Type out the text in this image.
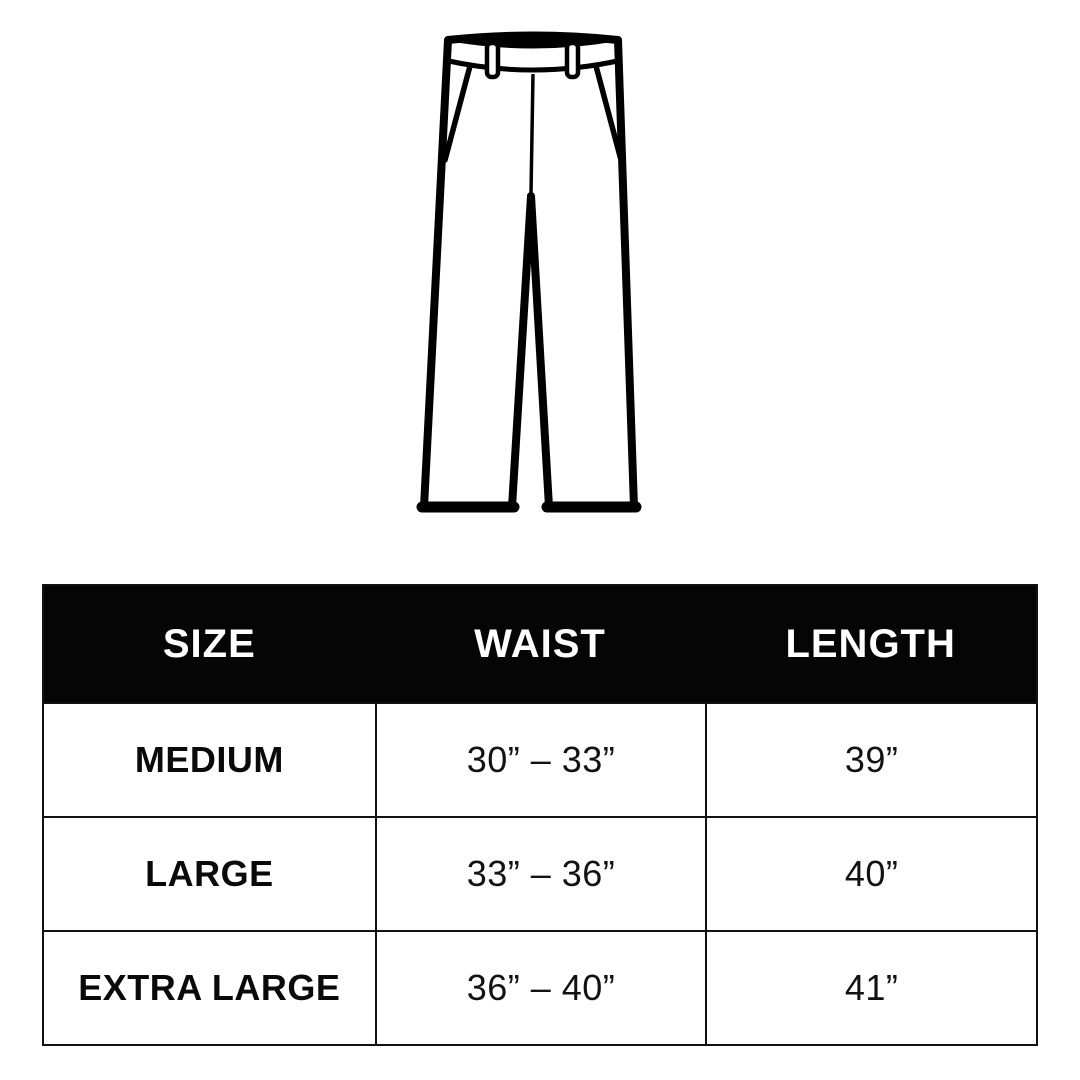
SIZE	WAIST	LENGTH
MEDIUM	30” – 33”	39”
LARGE	33” – 36”	40”
EXTRA LARGE	36” – 40”	41”
